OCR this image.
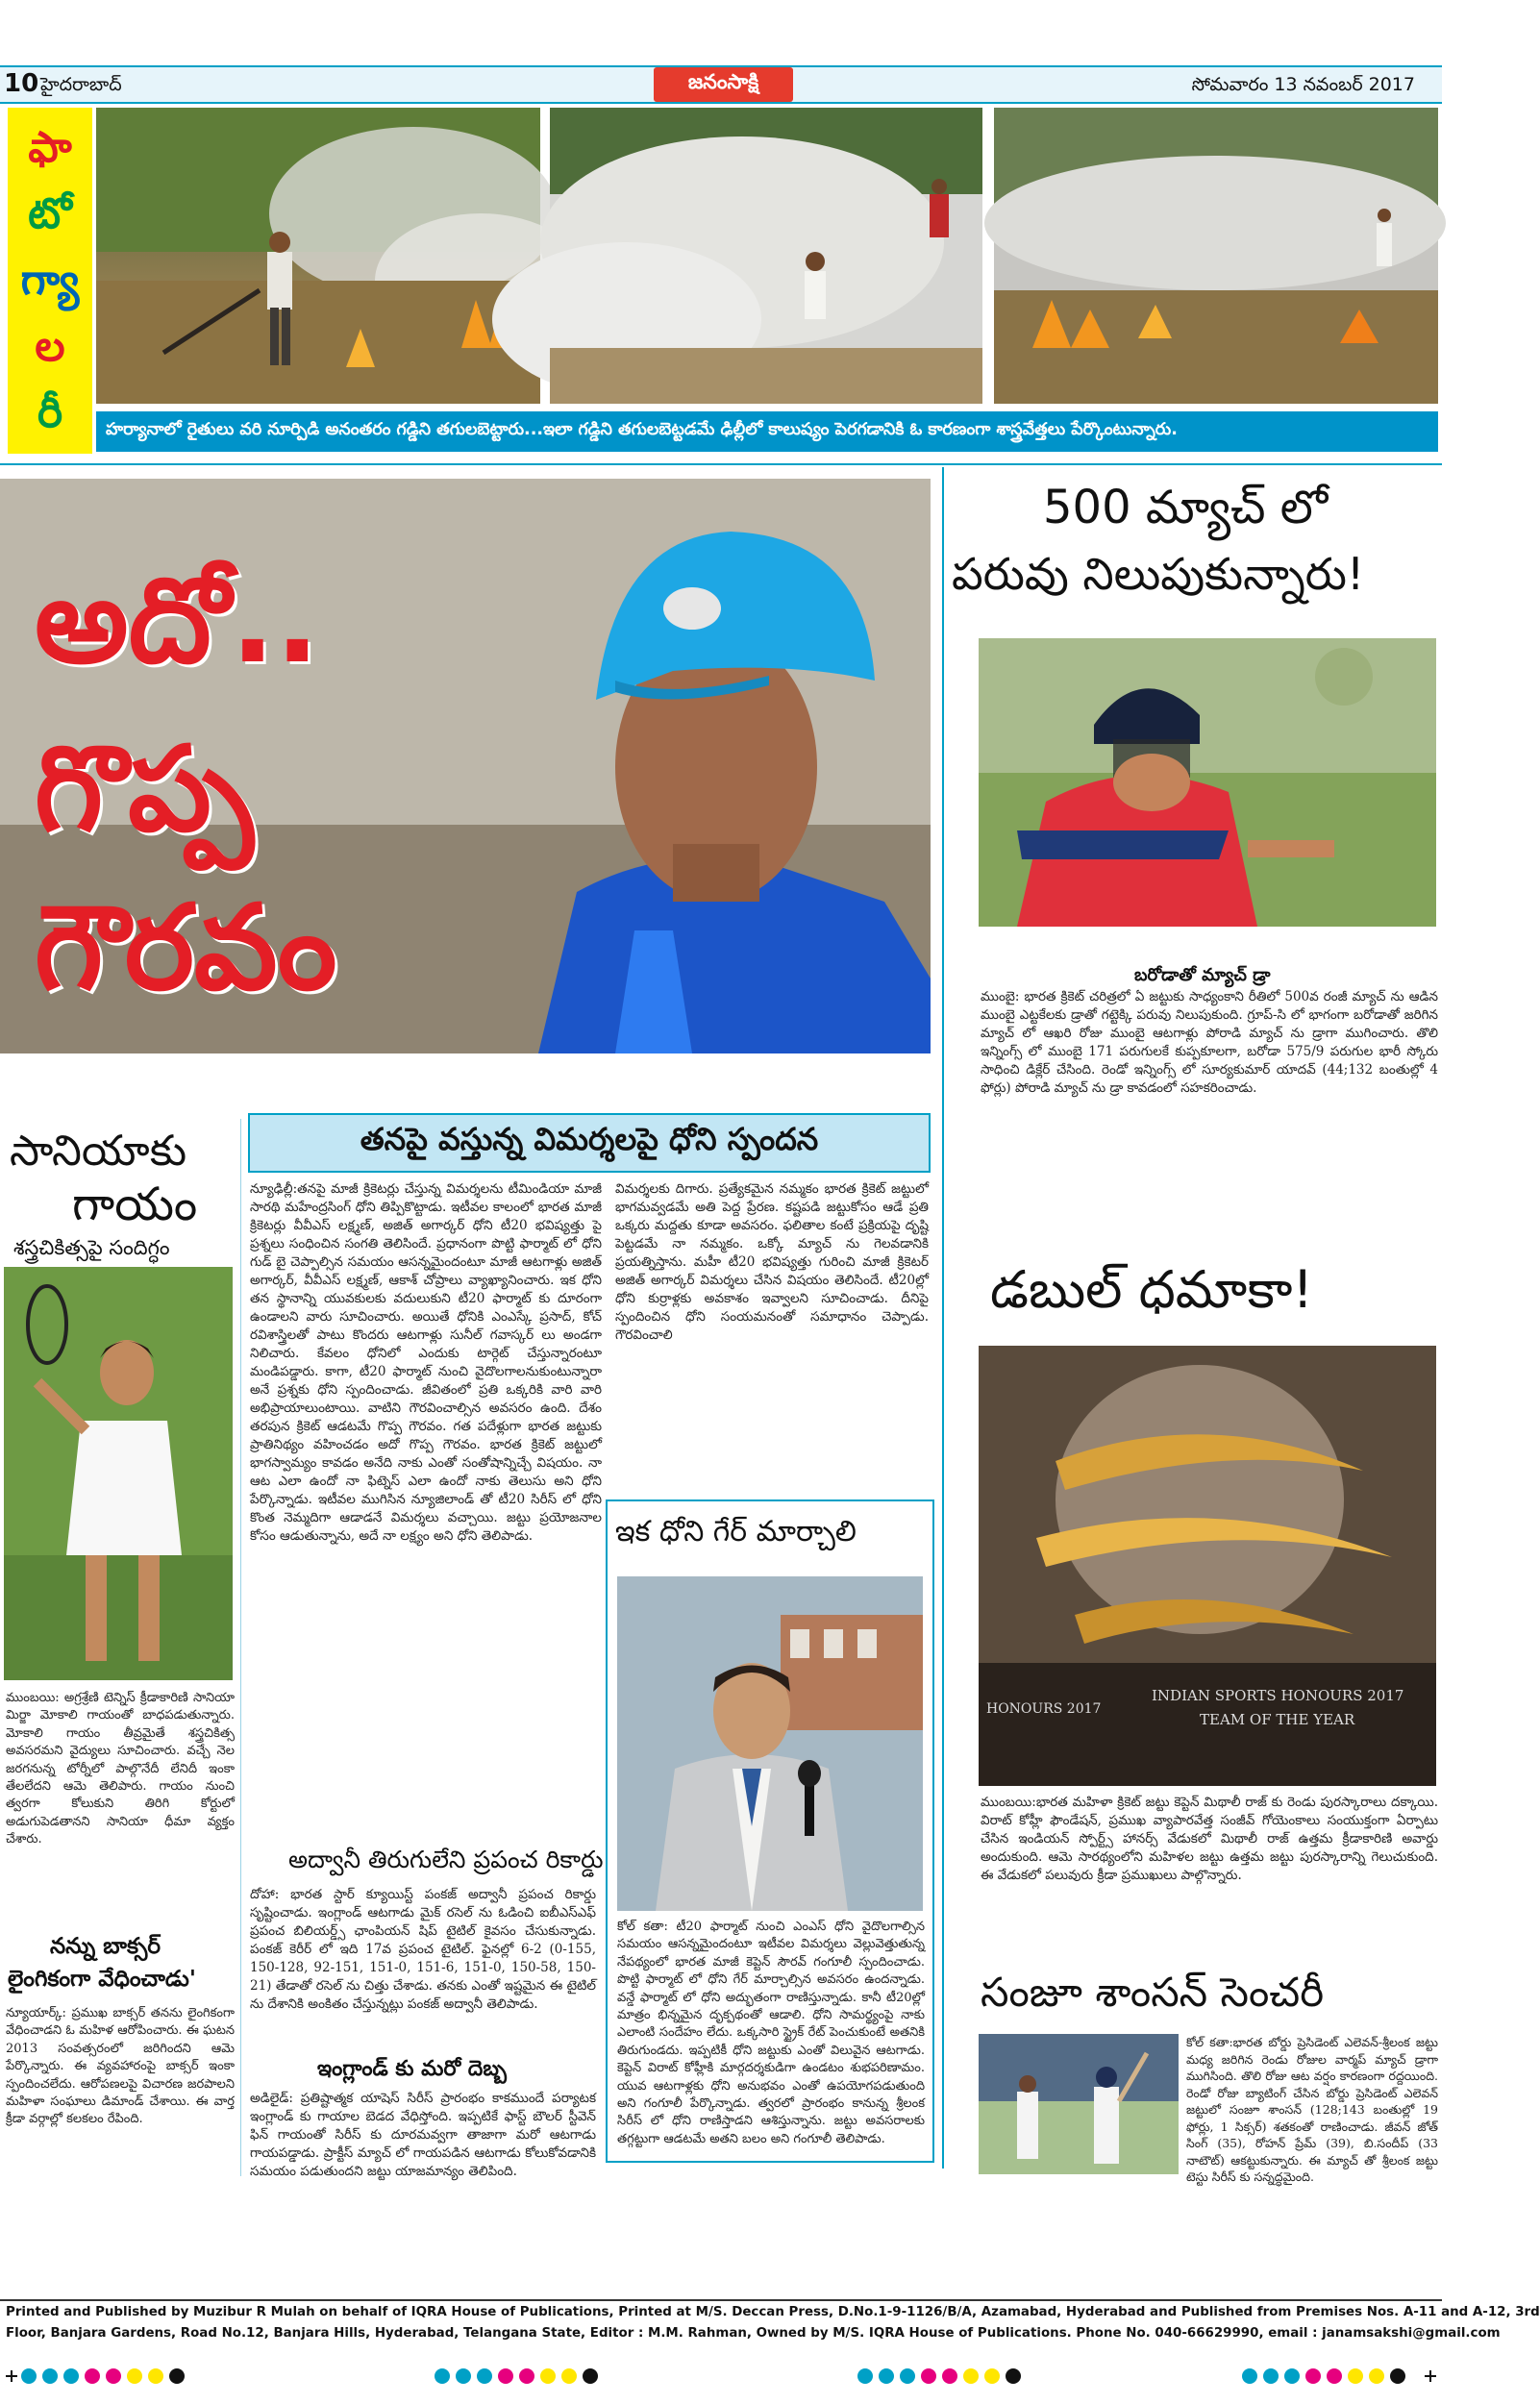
10 హైదరాబాద్	జనంసాక్షి	సోమవారం 13 నవంబర్ 2017
ఫా
టో
గ్యా
ల
రీ	హర్యానాలో రైతులు వరి నూర్పిడి అనంతరం గడ్డిని తగులబెట్టారు...ఇలా గడ్డిని తగులబెట్టడమే ఢిల్లీలో కాలుష్యం పెరగడానికి ఓ కారణంగా శాస్త్రవేత్తలు పేర్కొంటున్నారు.
అదో..
గొప్ప
గౌరవం
సానియాకు
గాయం
శస్త్రచికిత్సపై సందిగ్ధం
ముంబయి: అగ్రశ్రేణి టెన్నిస్ క్రీడాకారిణి సానియా మిర్జా మోకాలి గాయంతో బాధపడుతున్నారు. మోకాలి గాయం తీవ్రమైతే శస్త్రచికిత్స అవసరమని వైద్యులు సూచించారు. వచ్చే నెల జరగనున్న టోర్నీలో పాల్గొనేదీ లేనిదీ ఇంకా తేలలేదని ఆమె తెలిపారు. గాయం నుంచి త్వరగా కోలుకుని తిరిగి కోర్టులో అడుగుపెడతానని సానియా ధీమా వ్యక్తం చేశారు.
నన్ను బాక్సర్
లైంగికంగా వేధించాడు'
న్యూయార్క్: ప్రముఖ బాక్సర్ తనను లైంగికంగా వేధించాడని ఓ మహిళ ఆరోపించారు. ఈ ఘటన 2013 సంవత్సరంలో జరిగిందని ఆమె పేర్కొన్నారు. ఈ వ్యవహారంపై బాక్సర్ ఇంకా స్పందించలేదు. ఆరోపణలపై విచారణ జరపాలని మహిళా సంఘాలు డిమాండ్ చేశాయి. ఈ వార్త క్రీడా వర్గాల్లో కలకలం రేపింది.
తనపై వస్తున్న విమర్శలపై ధోని స్పందన
న్యూఢిల్లీ:తనపై మాజీ క్రికెటర్లు చేస్తున్న విమర్శలను టీమిండియా మాజీ సారథి మహేంద్రసింగ్ ధోని తిప్పికొట్టాడు. ఇటీవల కాలంలో భారత మాజీ క్రికెటర్లు వీవీఎస్ లక్ష్మణ్, అజిత్ అగార్కర్ ధోని టీ20 భవిష్యత్తు పై ప్రశ్నలు సంధించిన సంగతి తెలిసిందే. ప్రధానంగా పొట్టి ఫార్మాట్ లో ధోని గుడ్ బై చెప్పాల్సిన సమయం ఆసన్నమైందంటూ మాజీ ఆటగాళ్లు అజిత్ అగార్కర్, వీవీఎస్ లక్ష్మణ్, ఆకాశ్ చోప్రాలు వ్యాఖ్యానించారు. ఇక ధోని తన స్థానాన్ని యువకులకు వదులుకుని టీ20 ఫార్మాట్ కు దూరంగా ఉండాలని వారు సూచించారు. అయితే ధోనికి ఎంఎస్కే ప్రసాద్, కోచ్ రవిశాస్త్రిలతో పాటు కొందరు ఆటగాళ్లు సునీల్ గవాస్కర్ లు అండగా నిలిచారు. కేవలం ధోనిలో ఎందుకు టార్గెట్ చేస్తున్నారంటూ మండిపడ్డారు. కాగా, టీ20 ఫార్మాట్ నుంచి వైదొలగాలనుకుంటున్నారా అనే ప్రశ్నకు ధోని స్పందించాడు. జీవితంలో ప్రతి ఒక్కరికి వారి వారి అభిప్రాయాలుంటాయి. వాటిని గౌరవించాల్సిన అవసరం ఉంది. దేశం తరపున క్రికెట్ ఆడటమే గొప్ప గౌరవం. గత పదేళ్లుగా భారత జట్టుకు ప్రాతినిథ్యం వహించడం అదో గొప్ప గౌరవం. భారత క్రికెట్ జట్టులో భాగస్వామ్యం కావడం అనేది నాకు ఎంతో సంతోషాన్నిచ్చే విషయం. నా ఆట ఎలా ఉందో నా ఫిట్నెస్ ఎలా ఉందో నాకు తెలుసు అని ధోని పేర్కొన్నాడు. ఇటీవల ముగిసిన న్యూజిలాండ్ తో టీ20 సిరీస్ లో ధోని కొంత నెమ్మదిగా ఆడాడనే విమర్శలు వచ్చాయి. జట్టు ప్రయోజనాల కోసం ఆడుతున్నాను, అదే నా లక్ష్యం అని ధోని తెలిపాడు.
విమర్శలకు దిగారు. ప్రత్యేకమైన నమ్మకం భారత క్రికెట్ జట్టులో భాగమవ్వడమే అతి పెద్ద ప్రేరణ. కష్టపడి జట్టుకోసం ఆడే ప్రతి ఒక్కరు మద్దతు కూడా అవసరం. ఫలితాల కంటే ప్రక్రియపై దృష్టి పెట్టడమే నా నమ్మకం. ఒక్కో మ్యాచ్ ను గెలవడానికి ప్రయత్నిస్తాను. మహీ టీ20 భవిష్యత్తు గురించి మాజీ క్రికెటర్ అజిత్ అగార్కర్ విమర్శలు చేసిన విషయం తెలిసిందే. టీ20ల్లో ధోని కుర్రాళ్లకు అవకాశం ఇవ్వాలని సూచించాడు. దీనిపై స్పందించిన ధోని సంయమనంతో సమాధానం చెప్పాడు. గౌరవించాలి
ఇక ధోని గేర్ మార్చాలి
కోల్ కతా: టీ20 ఫార్మాట్ నుంచి ఎంఎస్ ధోని వైదొలగాల్సిన సమయం ఆసన్నమైందంటూ ఇటీవల విమర్శలు వెల్లువెత్తుతున్న నేపథ్యంలో భారత మాజీ కెప్టెన్ సౌరవ్ గంగూలీ స్పందించాడు. పొట్టి ఫార్మాట్ లో ధోని గేర్ మార్చాల్సిన అవసరం ఉందన్నాడు. వన్డే ఫార్మాట్ లో ధోని అద్భుతంగా రాణిస్తున్నాడు. కానీ టీ20ల్లో మాత్రం భిన్నమైన దృక్పథంతో ఆడాలి. ధోని సామర్థ్యంపై నాకు ఎలాంటి సందేహం లేదు. ఒక్కసారి స్ట్రైక్ రేట్ పెంచుకుంటే అతనికి తిరుగుండదు. ఇప్పటికీ ధోని జట్టుకు ఎంతో విలువైన ఆటగాడు. కెప్టెన్ విరాట్ కోహ్లీకి మార్గదర్శకుడిగా ఉండటం శుభపరిణామం. యువ ఆటగాళ్లకు ధోని అనుభవం ఎంతో ఉపయోగపడుతుంది అని గంగూలీ పేర్కొన్నాడు. త్వరలో ప్రారంభం కానున్న శ్రీలంక సిరీస్ లో ధోని రాణిస్తాడని ఆశిస్తున్నాను. జట్టు అవసరాలకు తగ్గట్టుగా ఆడటమే అతని బలం అని గంగూలీ తెలిపాడు.
అద్వానీ తిరుగులేని ప్రపంచ రికార్డు
దోహా: భారత స్టార్ క్యూయిస్ట్ పంకజ్ అద్వానీ ప్రపంచ రికార్డు సృష్టించాడు. ఇంగ్లాండ్ ఆటగాడు మైక్ రసెల్ ను ఓడించి ఐబీఎస్ఎఫ్ ప్రపంచ బిలియర్డ్స్ ఛాంపియన్ షిప్ టైటిల్ కైవసం చేసుకున్నాడు. పంకజ్ కెరీర్ లో ఇది 17వ ప్రపంచ టైటిల్. ఫైనల్లో 6-2 (0-155, 150-128, 92-151, 151-0, 151-6, 151-0, 150-58, 150-21) తేడాతో రసెల్ ను చిత్తు చేశాడు. తనకు ఎంతో ఇష్టమైన ఈ టైటిల్ ను దేశానికి అంకితం చేస్తున్నట్లు పంకజ్ అద్వానీ తెలిపాడు.
ఇంగ్లాండ్ కు మరో దెబ్బ
అడిలైడ్: ప్రతిష్టాత్మక యాషెస్ సిరీస్ ప్రారంభం కాకముందే పర్యాటక ఇంగ్లాండ్ కు గాయాల బెడద వేధిస్తోంది. ఇప్పటికే ఫాస్ట్ బౌలర్ స్టీవెన్ ఫిన్ గాయంతో సిరీస్ కు దూరమవ్వగా తాజాగా మరో ఆటగాడు గాయపడ్డాడు. ప్రాక్టీస్ మ్యాచ్ లో గాయపడిన ఆటగాడు కోలుకోవడానికి సమయం పడుతుందని జట్టు యాజమాన్యం తెలిపింది.
500 మ్యాచ్ లో
పరువు నిలుపుకున్నారు!
బరోడాతో మ్యాచ్ డ్రా
ముంబై: భారత క్రికెట్ చరిత్రలో ఏ జట్టుకు సాధ్యంకాని రీతిలో 500వ రంజీ మ్యాచ్ ను ఆడిన ముంబై ఎట్టకేలకు డ్రాతో గట్టెక్కి పరువు నిలుపుకుంది. గ్రూప్-సి లో భాగంగా బరోడాతో జరిగిన మ్యాచ్ లో ఆఖరి రోజు ముంబై ఆటగాళ్లు పోరాడి మ్యాచ్ ను డ్రాగా ముగించారు. తొలి ఇన్నింగ్స్ లో ముంబై 171 పరుగులకే కుప్పకూలగా, బరోడా 575/9 పరుగుల భారీ స్కోరు సాధించి డిక్లేర్ చేసింది. రెండో ఇన్నింగ్స్ లో సూర్యకుమార్ యాదవ్ (44;132 బంతుల్లో 4 ఫోర్లు) పోరాడి మ్యాచ్ ను డ్రా కావడంలో సహకరించాడు.
డబుల్ ధమాకా!
HONOURS 2017
INDIAN SPORTS HONOURS 2017
TEAM OF THE YEAR
ముంబయి:భారత మహిళా క్రికెట్ జట్టు కెప్టెన్ మిథాలీ రాజ్ కు రెండు పురస్కారాలు దక్కాయి. విరాట్ కోహ్లీ ఫౌండేషన్, ప్రముఖ వ్యాపారవేత్త సంజీవ్ గోయెంకాలు సంయుక్తంగా ఏర్పాటు చేసిన ఇండియన్ స్పోర్ట్స్ హానర్స్ వేడుకలో మిథాలీ రాజ్ ఉత్తమ క్రీడాకారిణి అవార్డు అందుకుంది. ఆమె సారథ్యంలోని మహిళల జట్టు ఉత్తమ జట్టు పురస్కారాన్ని గెలుచుకుంది. ఈ వేడుకలో పలువురు క్రీడా ప్రముఖులు పాల్గొన్నారు.
సంజూ శాంసన్ సెంచరీ
కోల్ కతా:భారత బోర్డు ప్రెసిడెంట్ ఎలెవన్-శ్రీలంక జట్టు మధ్య జరిగిన రెండు రోజుల వార్మప్ మ్యాచ్ డ్రాగా ముగిసింది. తొలి రోజు ఆట వర్షం కారణంగా రద్దయింది. రెండో రోజు బ్యాటింగ్ చేసిన బోర్డు ప్రెసిడెంట్ ఎలెవన్ జట్టులో సంజూ శాంసన్ (128;143 బంతుల్లో 19 ఫోర్లు, 1 సిక్సర్) శతకంతో రాణించాడు. జీవన్ జోత్ సింగ్ (35), రోహన్ ప్రేమ్ (39), బి.సందీప్ (33 నాటౌట్) ఆకట్టుకున్నారు. ఈ మ్యాచ్ తో శ్రీలంక జట్టు టెస్టు సిరీస్ కు సన్నద్ధమైంది.
Printed and Published by Muzibur R Mulah on behalf of IQRA House of Publications, Printed at M/S. Deccan Press, D.No.1-9-1126/B/A, Azamabad, Hyderabad and Published from Premises Nos. A-11 and A-12, 3rd
Floor, Banjara Gardens, Road No.12, Banjara Hills, Hyderabad, Telangana State, Editor : M.M. Rahman, Owned by M/S. IQRA House of Publications. Phone No. 040-66629990, email : janamsakshi@gmail.com
